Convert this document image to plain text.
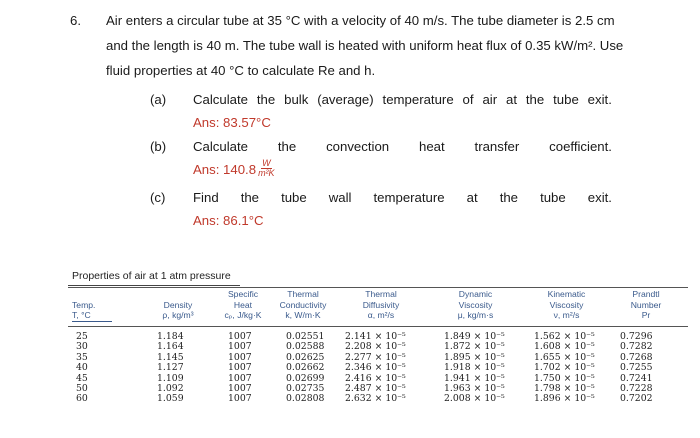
6. Air enters a circular tube at 35 °C with a velocity of 40 m/s. The tube diameter is 2.5 cm
and the length is 40 m. The tube wall is heated with uniform heat flux of 0.35 kW/m². Use
fluid properties at 40 °C to calculate Re and h.
(a) Calculate the bulk (average) temperature of air at the tube exit.
Ans: 83.57°C
(b) Calculate the convection heat transfer coefficient.
Ans: $140.8 \frac{W}{\text{m²K}}$
(c) Find the tube wall temperature at the tube exit.
Ans: 86.1°C
Properties of air at 1 atm pressure
Temp.
T, °C
Density
ρ, kg/m³
Specific
Heat
cₚ, J/kg·K
Thermal
Conductivity
k, W/m·K
Thermal
Diffusivity
α, m²/s
Dynamic
Viscosity
μ, kg/m·s
Kinematic
Viscosity
ν, m²/s
Prandtl
Number
Pr
25
30
35
40
45
50
60
1.184
1.164
1.145
1.127
1.109
1.092
1.059
1007
1007
1007
1007
1007
1007
1007
0.02551
0.02588
0.02625
0.02662
0.02699
0.02735
0.02808
2.141 × 10⁻⁵
2.208 × 10⁻⁵
2.277 × 10⁻⁵
2.346 × 10⁻⁵
2.416 × 10⁻⁵
2.487 × 10⁻⁵
2.632 × 10⁻⁵
1.849 × 10⁻⁵
1.872 × 10⁻⁵
1.895 × 10⁻⁵
1.918 × 10⁻⁵
1.941 × 10⁻⁵
1.963 × 10⁻⁵
2.008 × 10⁻⁵
1.562 × 10⁻⁵
1.608 × 10⁻⁵
1.655 × 10⁻⁵
1.702 × 10⁻⁵
1.750 × 10⁻⁵
1.798 × 10⁻⁵
1.896 × 10⁻⁵
0.7296
0.7282
0.7268
0.7255
0.7241
0.7228
0.7202
